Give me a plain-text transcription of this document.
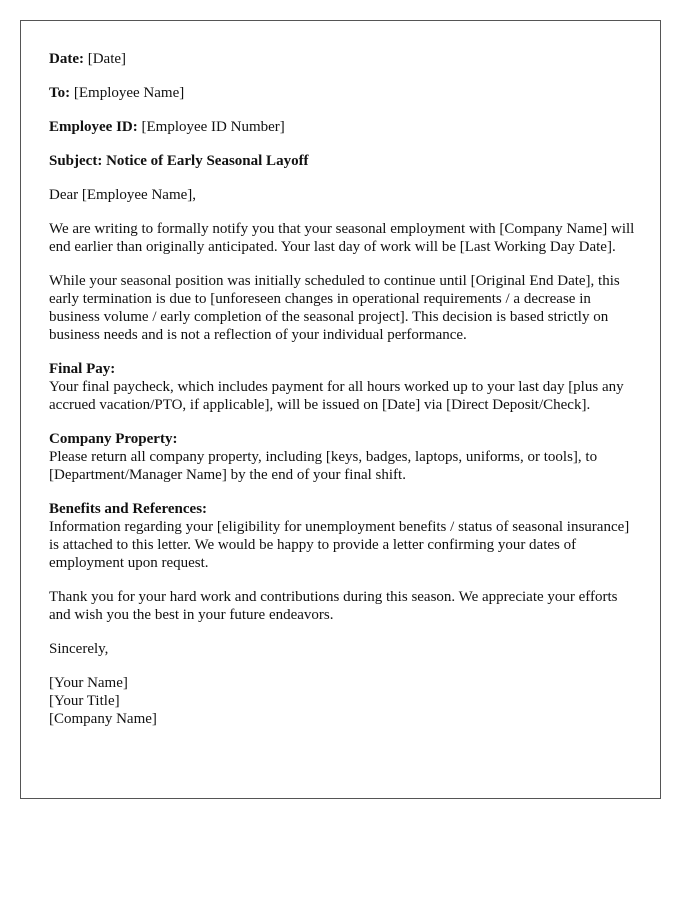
Date: [Date]

To: [Employee Name]

Employee ID: [Employee ID Number]

Subject: Notice of Early Seasonal Layoff

Dear [Employee Name],

We are writing to formally notify you that your seasonal employment with [Company Name] will end earlier than originally anticipated. Your last day of work will be [Last Working Day Date].

While your seasonal position was initially scheduled to continue until [Original End Date], this early termination is due to [unforeseen changes in operational requirements / a decrease in business volume / early completion of the seasonal project]. This decision is based strictly on business needs and is not a reflection of your individual performance.

Final Pay:
Your final paycheck, which includes payment for all hours worked up to your last day [plus any accrued vacation/PTO, if applicable], will be issued on [Date] via [Direct Deposit/Check].

Company Property:
Please return all company property, including [keys, badges, laptops, uniforms, or tools], to [Department/Manager Name] by the end of your final shift.

Benefits and References:
Information regarding your [eligibility for unemployment benefits / status of seasonal insurance] is attached to this letter. We would be happy to provide a letter confirming your dates of employment upon request.

Thank you for your hard work and contributions during this season. We appreciate your efforts and wish you the best in your future endeavors.

Sincerely,

[Your Name]
[Your Title]
[Company Name]
